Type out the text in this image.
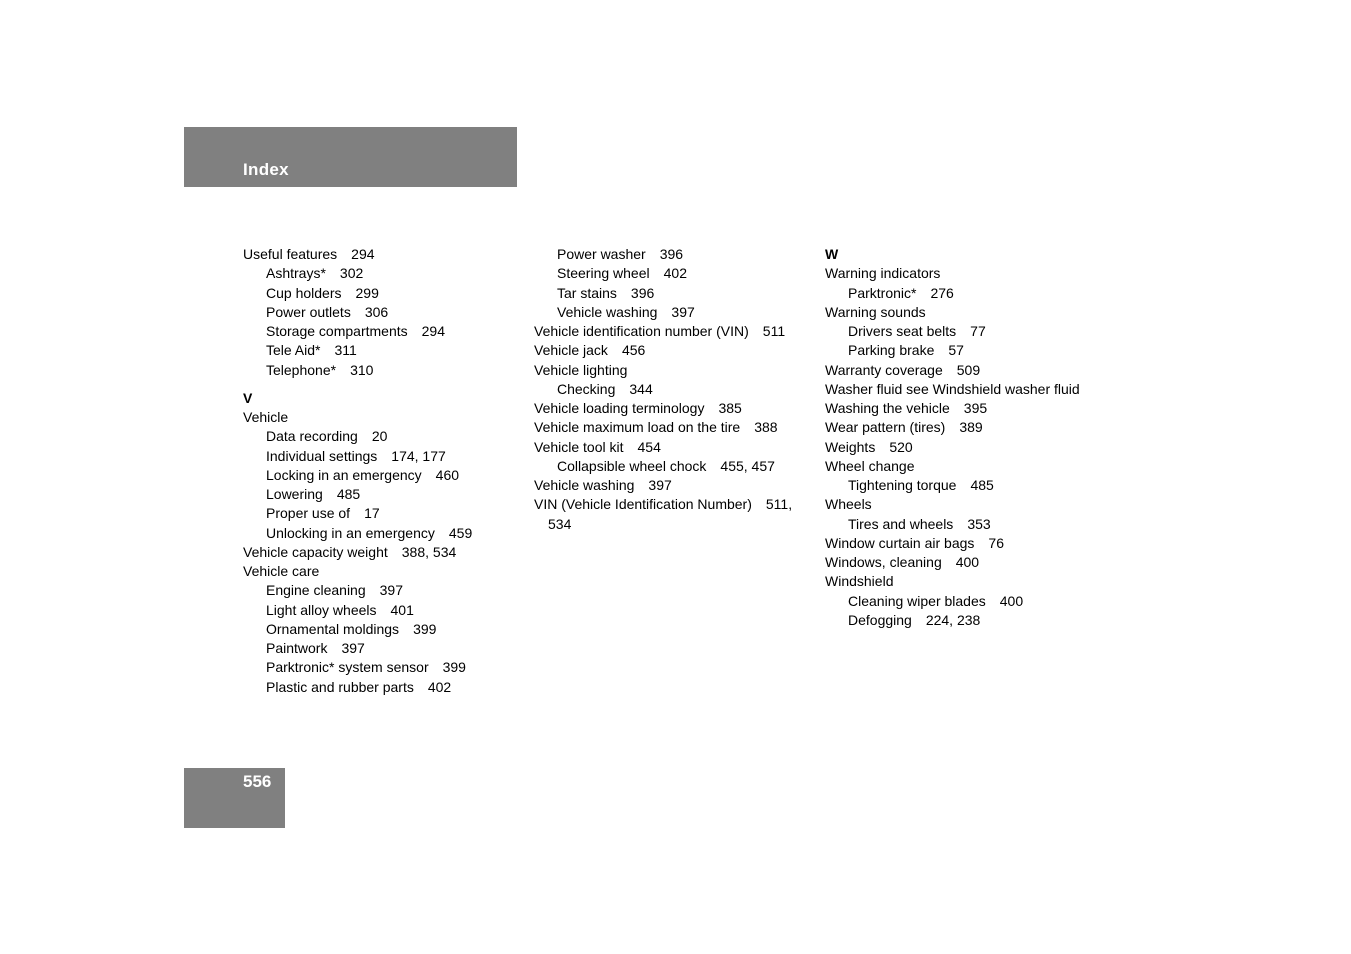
Index
Useful features 294
Ashtrays* 302
Cup holders 299
Power outlets 306
Storage compartments 294
Tele Aid* 311
Telephone* 310
V
Vehicle
Data recording 20
Individual settings 174, 177
Locking in an emergency 460
Lowering 485
Proper use of 17
Unlocking in an emergency 459
Vehicle capacity weight 388, 534
Vehicle care
Engine cleaning 397
Light alloy wheels 401
Ornamental moldings 399
Paintwork 397
Parktronic* system sensor 399
Plastic and rubber parts 402
Power washer 396
Steering wheel 402
Tar stains 396
Vehicle washing 397
Vehicle identification number (VIN) 511
Vehicle jack 456
Vehicle lighting
Checking 344
Vehicle loading terminology 385
Vehicle maximum load on the tire 388
Vehicle tool kit 454
Collapsible wheel chock 455, 457
Vehicle washing 397
VIN (Vehicle Identification Number) 511,
534
W
Warning indicators
Parktronic* 276
Warning sounds
Drivers seat belts 77
Parking brake 57
Warranty coverage 509
Washer fluid see Windshield washer fluid
Washing the vehicle 395
Wear pattern (tires) 389
Weights 520
Wheel change
Tightening torque 485
Wheels
Tires and wheels 353
Window curtain air bags 76
Windows, cleaning 400
Windshield
Cleaning wiper blades 400
Defogging 224, 238
556
